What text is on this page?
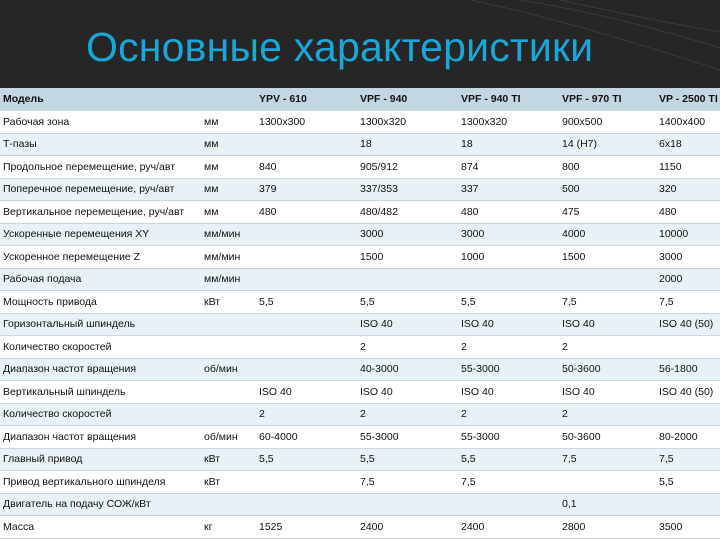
Основные характеристики
Модель		YPV - 610	VPF - 940	VPF - 940 TI	VPF - 970 TI	VP - 2500 TI
Рабочая зона	мм	1300x300	1300x320	1300x320	900x500	1400x400
Т-пазы	мм		18	18	14 (H7)	6x18
Продольное перемещение, руч/авт	мм	840	905/912	874	800	1150
Поперечное перемещение, руч/авт	мм	379	337/353	337	500	320
Вертикальное перемещение, руч/авт	мм	480	480/482	480	475	480
Ускоренные перемещения XY	мм/мин		3000	3000	4000	10000
Ускоренное перемещение Z	мм/мин		1500	1000	1500	3000
Рабочая подача	мм/мин					2000
Мощность привода	кВт	5,5	5,5	5,5	7,5	7,5
Горизонтальный шпиндель			ISO 40	ISO 40	ISO 40	ISO 40 (50)
Количество скоростей			2	2	2	
Диапазон частот вращения	об/мин		40-3000	55-3000	50-3600	56-1800
Вертикальный шпиндель		ISO 40	ISO 40	ISO 40	ISO 40	ISO 40 (50)
Количество скоростей		2	2	2	2	
Диапазон частот вращения	об/мин	60-4000	55-3000	55-3000	50-3600	80-2000
Главный привод	кВт	5,5	5,5	5,5	7,5	7,5
Привод вертикального шпинделя	кВт		7,5	7,5		5,5
Двигатель на подачу СОЖ/кВт					0,1	
Масса	кг	1525	2400	2400	2800	3500
